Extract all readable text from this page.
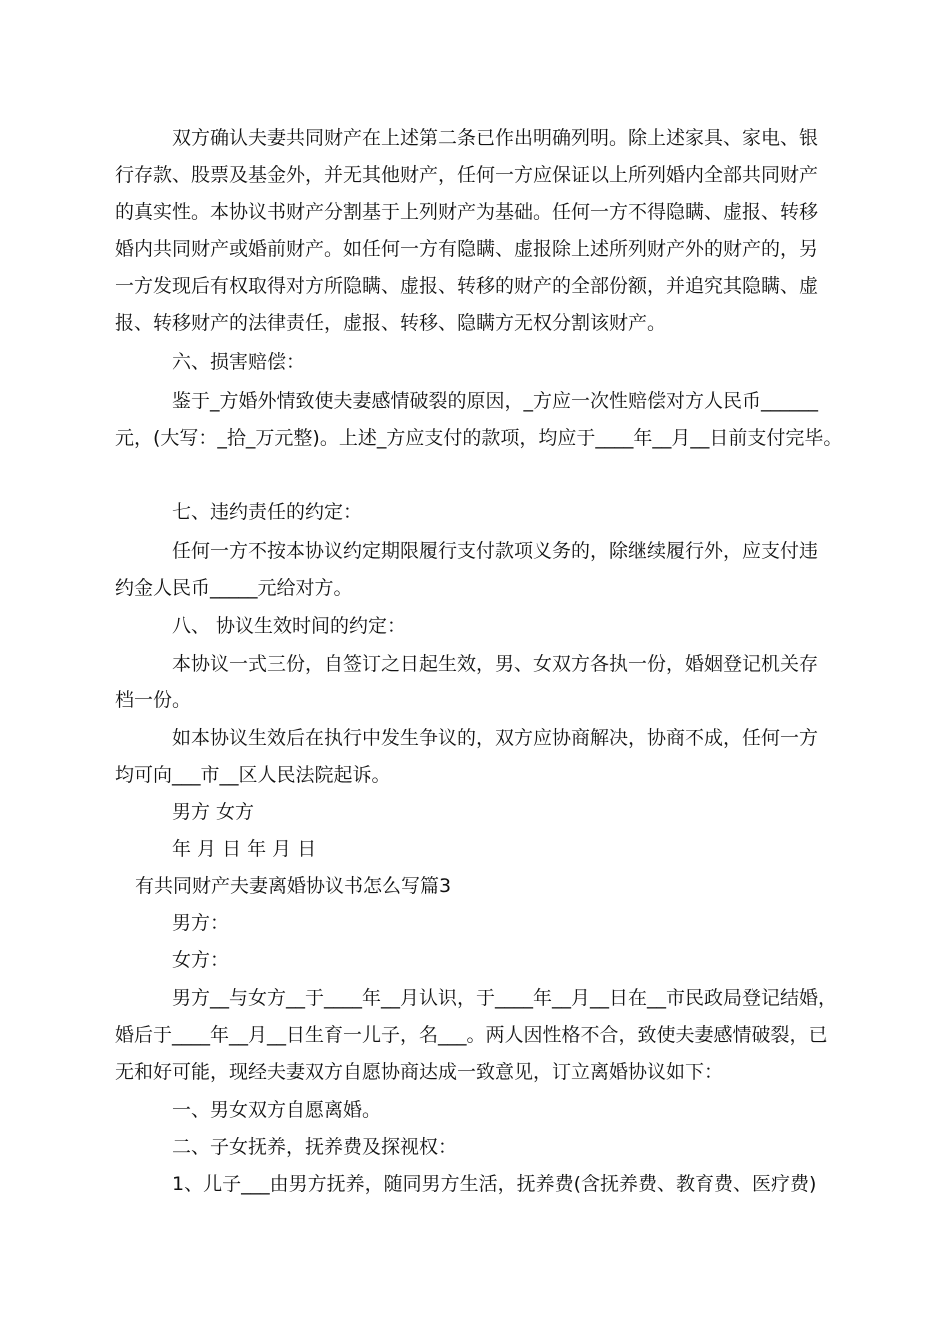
双方确认夫妻共同财产在上述第二条已作出明确列明。除上述家具、家电、银
行存款、股票及基金外，并无其他财产，任何一方应保证以上所列婚内全部共同财产
的真实性。本协议书财产分割基于上列财产为基础。任何一方不得隐瞒、虚报、转移
婚内共同财产或婚前财产。如任何一方有隐瞒、虚报除上述所列财产外的财产的，另
一方发现后有权取得对方所隐瞒、虚报、转移的财产的全部份额，并追究其隐瞒、虚
报、转移财产的法律责任，虚报、转移、隐瞒方无权分割该财产。
六、损害赔偿：
鉴于_方婚外情致使夫妻感情破裂的原因，_方应一次性赔偿对方人民币______
元，(大写：_拾_万元整)。上述_方应支付的款项，均应于____年__月__日前支付完毕。
七、违约责任的约定：
任何一方不按本协议约定期限履行支付款项义务的，除继续履行外，应支付违
约金人民币_____元给对方。
八、 协议生效时间的约定：
本协议一式三份，自签订之日起生效，男、女双方各执一份，婚姻登记机关存
档一份。
如本协议生效后在执行中发生争议的，双方应协商解决，协商不成，任何一方
均可向___市__区人民法院起诉。
男方 女方
年 月 日 年 月 日
有共同财产夫妻离婚协议书怎么写篇3
男方：
女方：
男方__与女方__于____年__月认识，于____年__月__日在__市民政局登记结婚，
婚后于____年__月__日生育一儿子，名___。两人因性格不合，致使夫妻感情破裂，已
无和好可能，现经夫妻双方自愿协商达成一致意见，订立离婚协议如下：
一、男女双方自愿离婚。
二、子女抚养，抚养费及探视权：
1、儿子___由男方抚养，随同男方生活，抚养费(含抚养费、教育费、医疗费)
